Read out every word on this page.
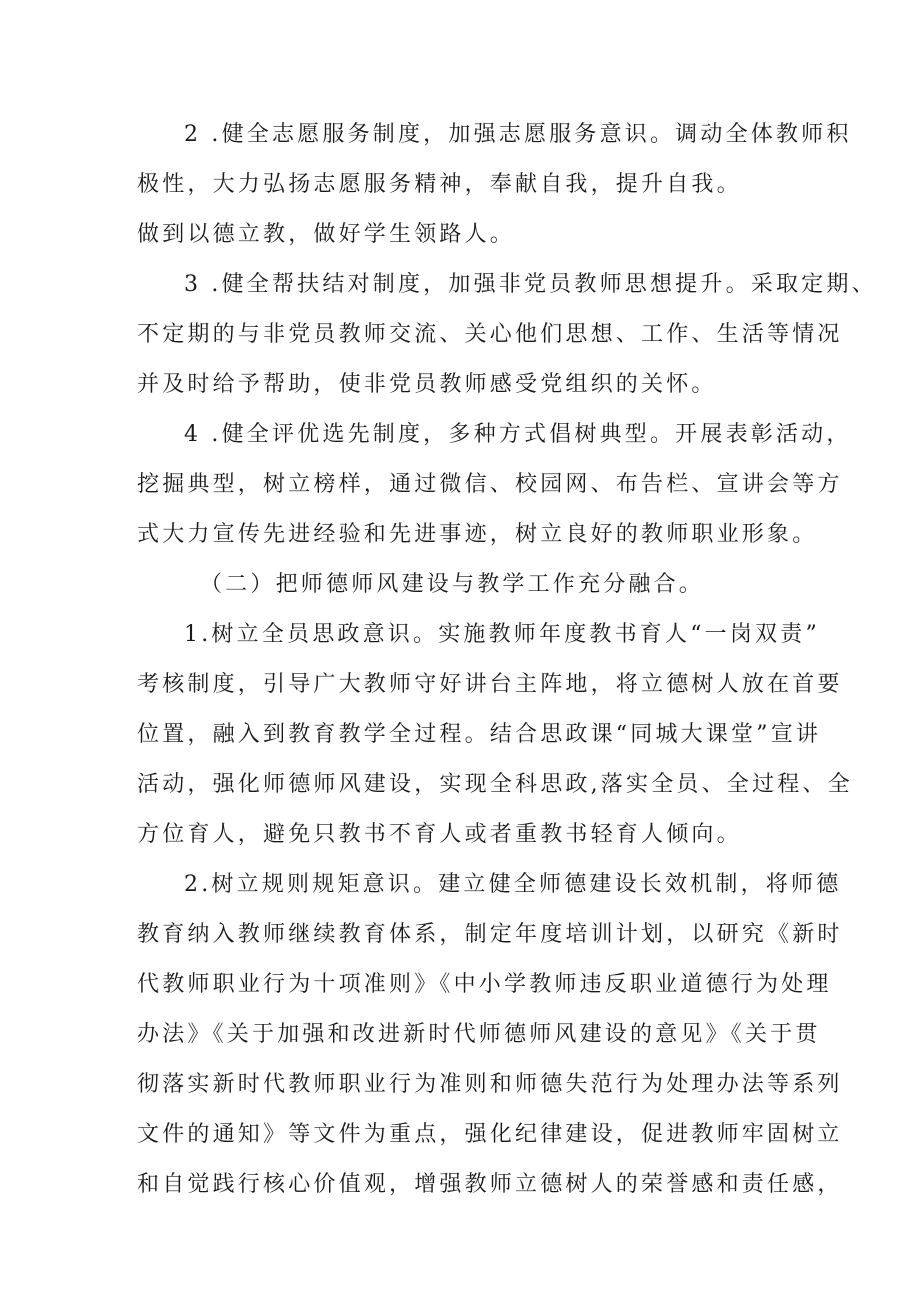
2 .健全志愿服务制度，加强志愿服务意识。调动全体教师积
极性，大力弘扬志愿服务精神，奉献自我，提升自我。
做到以德立教，做好学生领路人。
3 .健全帮扶结对制度，加强非党员教师思想提升。采取定期、
不定期的与非党员教师交流、关心他们思想、工作、生活等情况
并及时给予帮助，使非党员教师感受党组织的关怀。
4 .健全评优选先制度，多种方式倡树典型。开展表彰活动，
挖掘典型，树立榜样，通过微信、校园网、布告栏、宣讲会等方
式大力宣传先进经验和先进事迹，树立良好的教师职业形象。
（二）把师德师风建设与教学工作充分融合。
1.树立全员思政意识。实施教师年度教书育人“一岗双责”
考核制度，引导广大教师守好讲台主阵地，将立德树人放在首要
位置，融入到教育教学全过程。结合思政课“同城大课堂”宣讲
活动，强化师德师风建设，实现全科思政,落实全员、全过程、全
方位育人，避免只教书不育人或者重教书轻育人倾向。
2.树立规则规矩意识。建立健全师德建设长效机制，将师德
教育纳入教师继续教育体系，制定年度培训计划，以研究《新时
代教师职业行为十项准则》《中小学教师违反职业道德行为处理
办法》《关于加强和改进新时代师德师风建设的意见》《关于贯
彻落实新时代教师职业行为准则和师德失范行为处理办法等系列
文件的通知》等文件为重点，强化纪律建设，促进教师牢固树立
和自觉践行核心价值观，增强教师立德树人的荣誉感和责任感，
